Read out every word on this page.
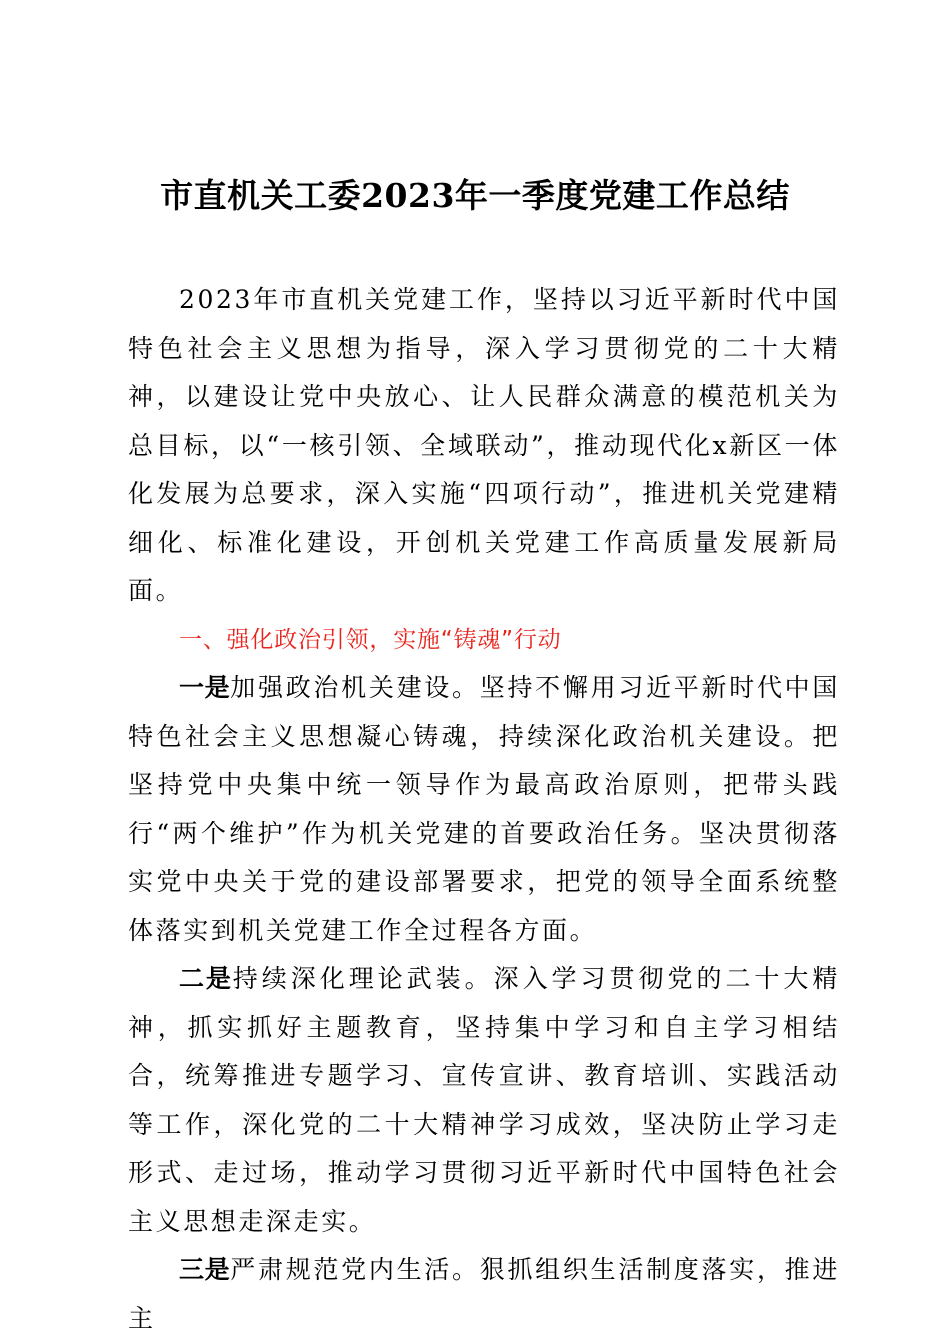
市直机关工委2023年一季度党建工作总结

2023年市直机关党建工作，坚持以习近平新时代中国特色社会主义思想为指导，深入学习贯彻党的二十大精神，以建设让党中央放心、让人民群众满意的模范机关为总目标，以“一核引领、全域联动”，推动现代化x新区一体化发展为总要求，深入实施“四项行动”，推进机关党建精细化、标准化建设，开创机关党建工作高质量发展新局面。

一、强化政治引领，实施“铸魂”行动

一是加强政治机关建设。坚持不懈用习近平新时代中国特色社会主义思想凝心铸魂，持续深化政治机关建设。把坚持党中央集中统一领导作为最高政治原则，把带头践行“两个维护”作为机关党建的首要政治任务。坚决贯彻落实党中央关于党的建设部署要求，把党的领导全面系统整体落实到机关党建工作全过程各方面。

二是持续深化理论武装。深入学习贯彻党的二十大精神，抓实抓好主题教育，坚持集中学习和自主学习相结合，统筹推进专题学习、宣传宣讲、教育培训、实践活动等工作，深化党的二十大精神学习成效，坚决防止学习走形式、走过场，推动学习贯彻习近平新时代中国特色社会主义思想走深走实。

三是严肃规范党内生活。狠抓组织生活制度落实，推进主
